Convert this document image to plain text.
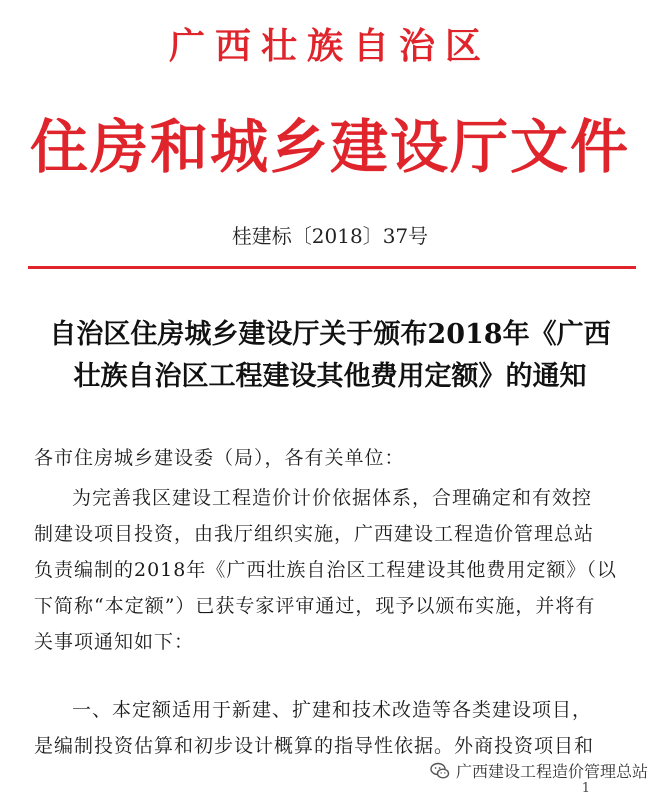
广西壮族自治区
住房和城乡建设厅文件
桂建标〔2018〕37号
自治区住房城乡建设厅关于颁布2018年《广西
壮族自治区工程建设其他费用定额》的通知
各市住房城乡建设委（局），各有关单位：

为完善我区建设工程造价计价依据体系，合理确定和有效控

制建设项目投资，由我厅组织实施，广西建设工程造价管理总站

负责编制的2018年《广西壮族自治区工程建设其他费用定额》（以

下简称“本定额”）已获专家评审通过，现予以颁布实施，并将有

关事项通知如下：

一、本定额适用于新建、扩建和技术改造等各类建设项目，

是编制投资估算和初步设计概算的指导性依据。外商投资项目和

广西建设工程造价管理总站
1
